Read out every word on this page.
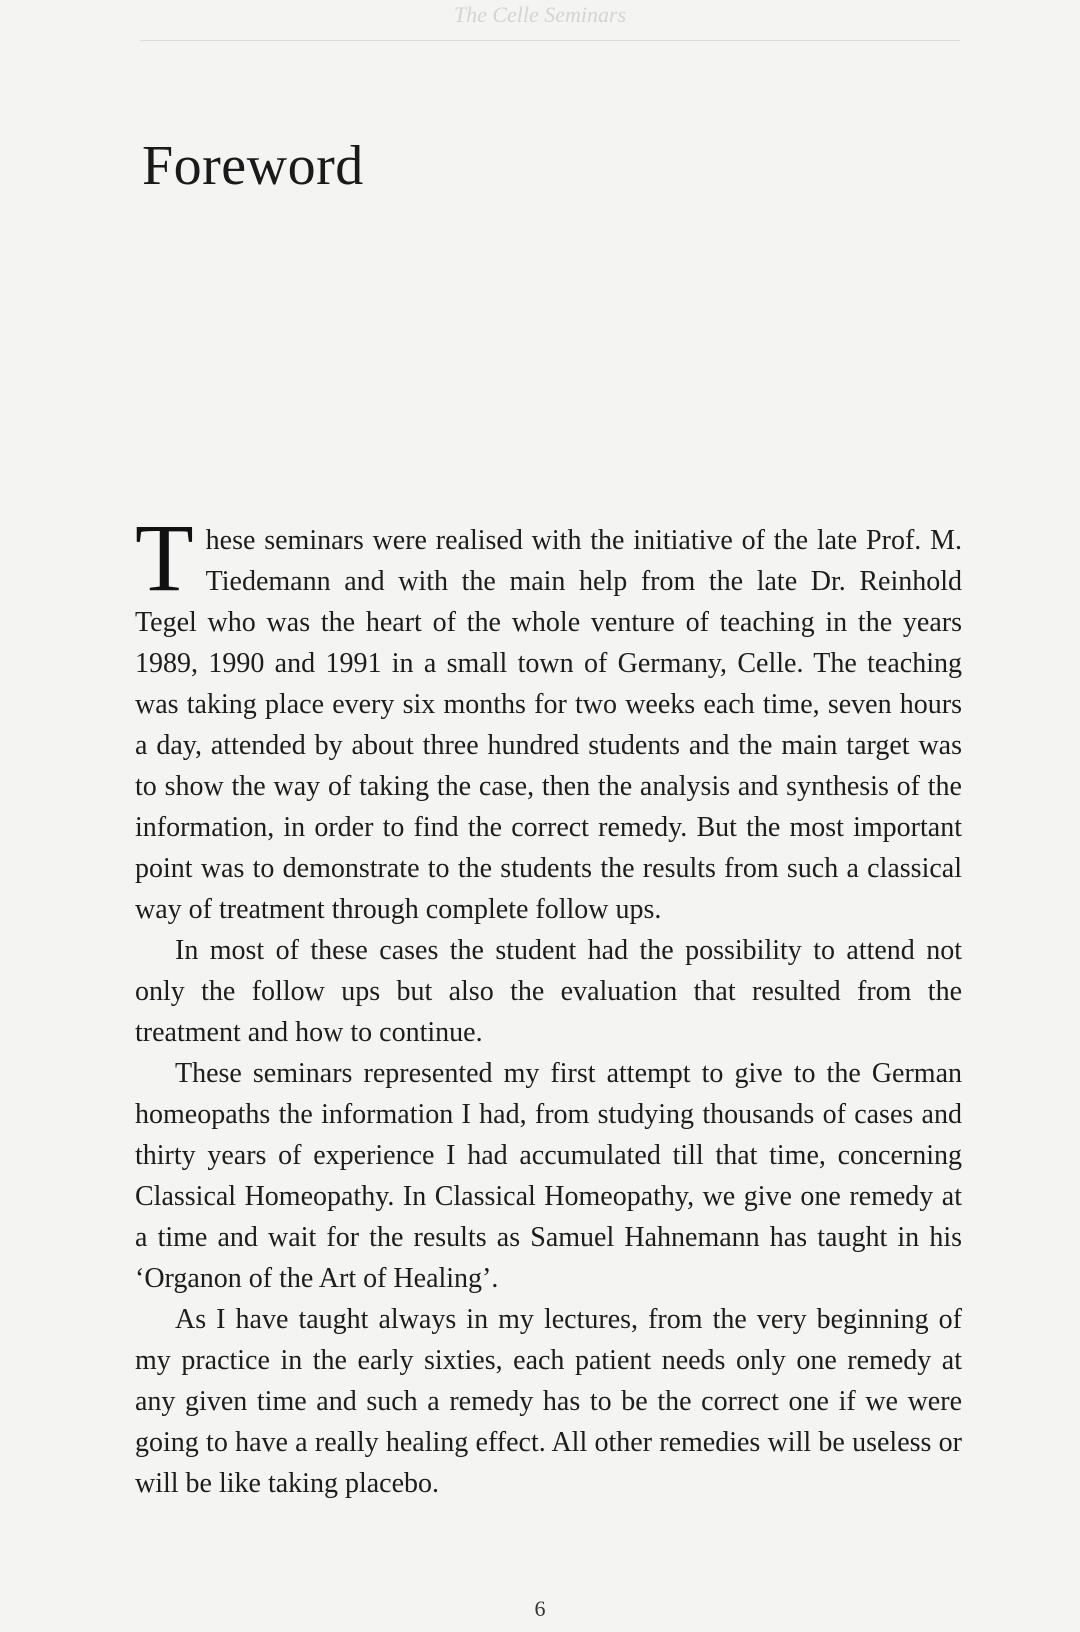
The Celle Seminars
Foreword

These seminars were realised with the initiative of the late Prof. M. Tiedemann and with the main help from the late Dr. Reinhold Tegel who was the heart of the whole venture of teaching in the years 1989, 1990 and 1991 in a small town of Germany, Celle. The teaching was taking place every six months for two weeks each time, seven hours a day, attended by about three hundred students and the main target was to show the way of taking the case, then the analysis and synthesis of the information, in order to find the correct remedy. But the most important point was to demonstrate to the students the results from such a classical way of treatment through complete follow ups.

In most of these cases the student had the possibility to attend not only the follow ups but also the evaluation that resulted from the treatment and how to continue.

These seminars represented my first attempt to give to the German homeopaths the information I had, from studying thousands of cases and thirty years of experience I had accumulated till that time, concerning Classical Homeopathy. In Classical Homeopathy, we give one remedy at a time and wait for the results as Samuel Hahnemann has taught in his ‘Organon of the Art of Healing’.

As I have taught always in my lectures, from the very beginning of my practice in the early sixties, each patient needs only one remedy at any given time and such a remedy has to be the correct one if we were going to have a really healing effect. All other remedies will be useless or will be like taking placebo.

6
